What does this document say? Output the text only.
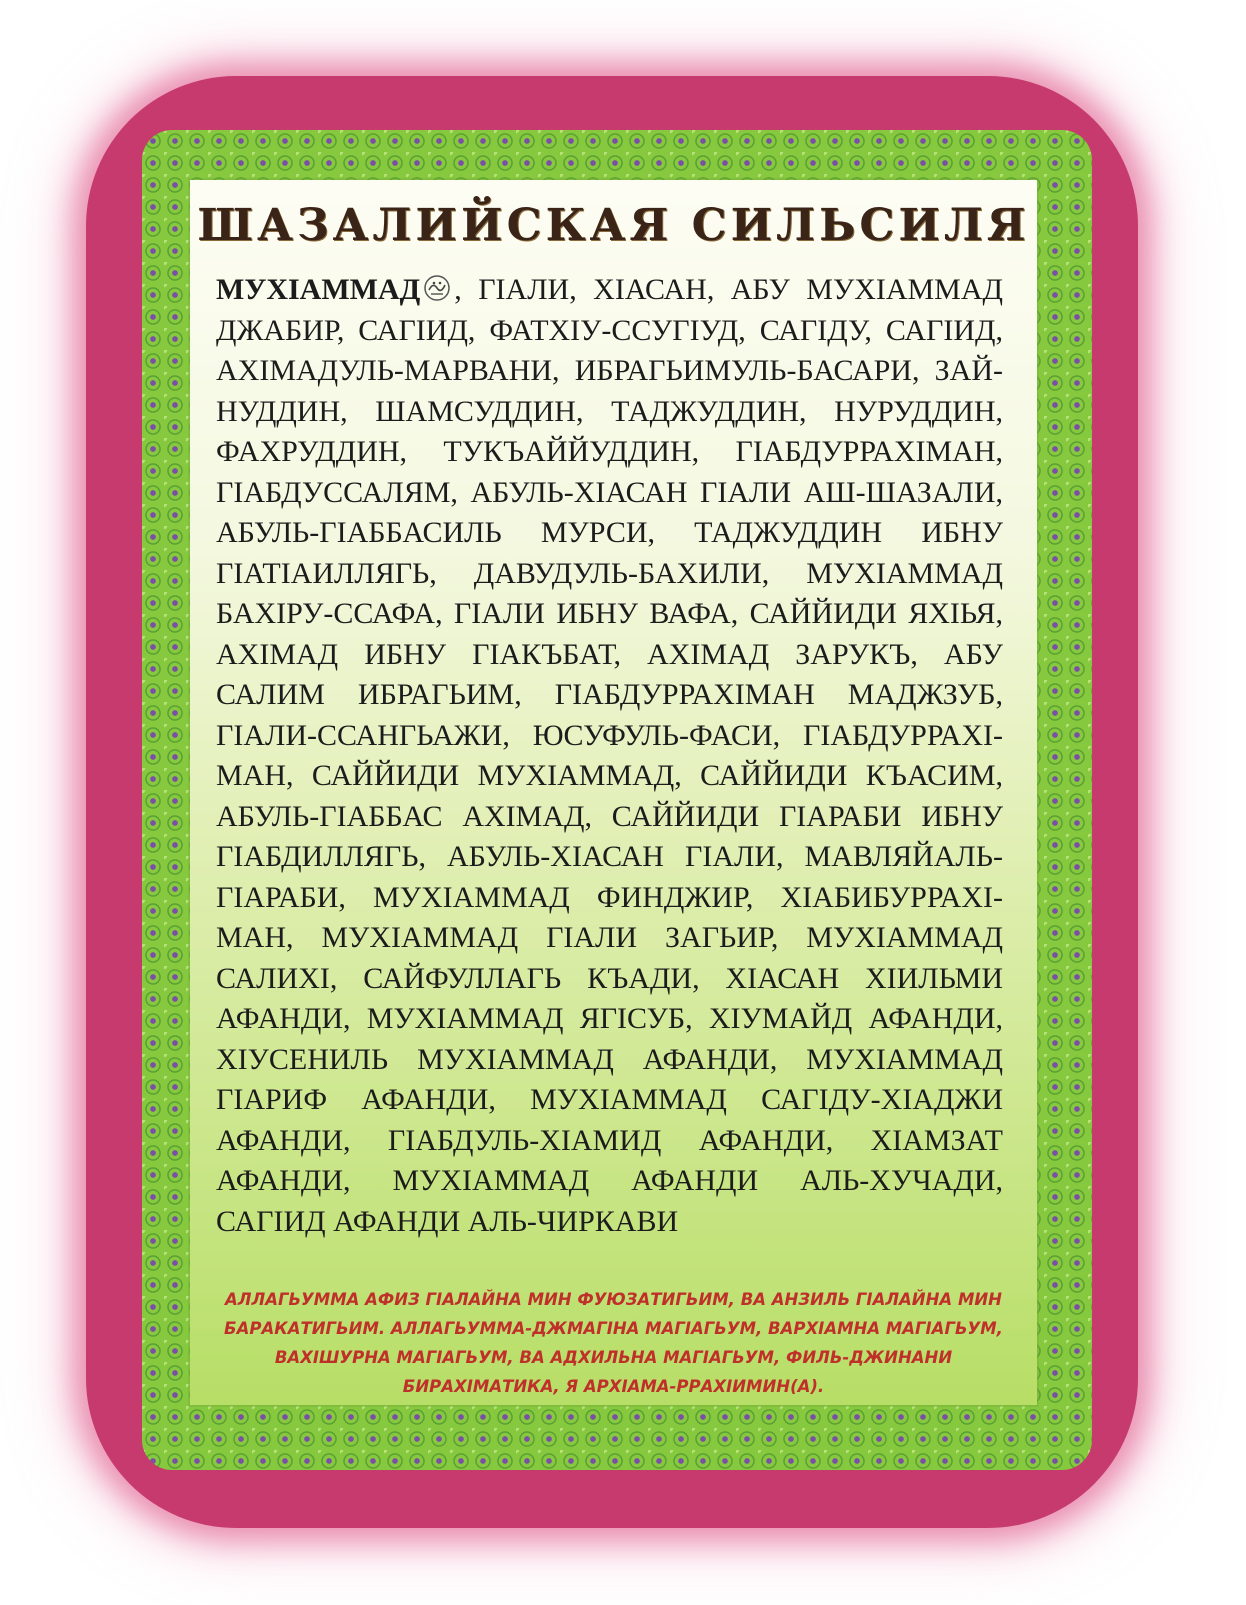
ШАЗАЛИЙСКАЯ СИЛЬСИЛЯ
МУХIАММАД , ГIАЛИ, ХIАСАН, АБУ МУХIАММАД ДЖАБИР, САГIИД, ФАТХIУ-ССУГIУД, САГIДУ, САГIИД, АХIМАДУЛЬ-МАРВАНИ, ИБРАГЬИМУЛЬ-БАСАРИ, ЗАЙНУДДИН, ШАМСУДДИН, ТАДЖУДДИН, НУРУДДИН, ФАХРУДДИН, ТУКЪАЙЙУДДИН, ГIАБДУРРАХIМАН, ГIАБДУССАЛЯМ, АБУЛЬ-ХIАСАН ГIАЛИ АШ-ШАЗАЛИ, АБУЛЬ-ГIАББАСИЛЬ МУРСИ, ТАДЖУДДИН ИБНУ ГIАТIАИЛЛЯГЬ, ДАВУДУЛЬ-БАХИЛИ, МУХIАММАД БАХIРУ-ССАФА, ГIАЛИ ИБНУ ВАФА, САЙЙИДИ ЯХIЬЯ, АХIМАД ИБНУ ГIАКЪБАТ, АХIМАД ЗАРУКЪ, АБУ САЛИМ ИБРАГЬИМ, ГIАБДУРРАХIМАН МАДЖЗУБ, ГIАЛИ-ССАНГЬАЖИ, ЮСУФУЛЬ-ФАСИ, ГIАБДУРРАХIМАН, САЙЙИДИ МУХIАММАД, САЙЙИДИ КЪАСИМ, АБУЛЬ-ГIАББАС АХIМАД, САЙЙИДИ ГIАРАБИ ИБНУ ГIАБДИЛЛЯГЬ, АБУЛЬ-ХIАСАН ГIАЛИ, МАВЛЯЙАЛЬ-ГIАРАБИ, МУХIАММАД ФИНДЖИР, ХIАБИБУРРАХIМАН, МУХIАММАД ГIАЛИ ЗАГЬИР, МУХIАММАД САЛИХI, САЙФУЛЛАГЬ КЪАДИ, ХIАСАН ХIИЛЬМИ АФАНДИ, МУХIАММАД ЯГIСУБ, ХIУМАЙД АФАНДИ, ХIУСЕНИЛЬ МУХIАММАД АФАНДИ, МУХIАММАД ГIАРИФ АФАНДИ, МУХIАММАД САГIДУ-ХIАДЖИ АФАНДИ, ГIАБДУЛЬ-ХIАМИД АФАНДИ, ХIАМЗАТ АФАНДИ, МУХIАММАД АФАНДИ АЛЬ-ХУЧАДИ, САГIИД АФАНДИ АЛЬ-ЧИРКАВИ
АЛЛАГЬУММА АФИЗ ГIАЛАЙНА МИН ФУЮЗАТИГЬИМ, ВА АНЗИЛЬ ГIАЛАЙНА МИН БАРАКАТИГЬИМ. АЛЛАГЬУММА-ДЖМАГIНА МАГIАГЬУМ, ВАРХIАМНА МАГIАГЬУМ, ВАХIШУРНА МАГIАГЬУМ, ВА АДХИЛЬНА МАГIАГЬУМ, ФИЛЬ-ДЖИНАНИ БИРАХIМАТИКА, Я АРХIАМА-РРАХIИМИН(А).
